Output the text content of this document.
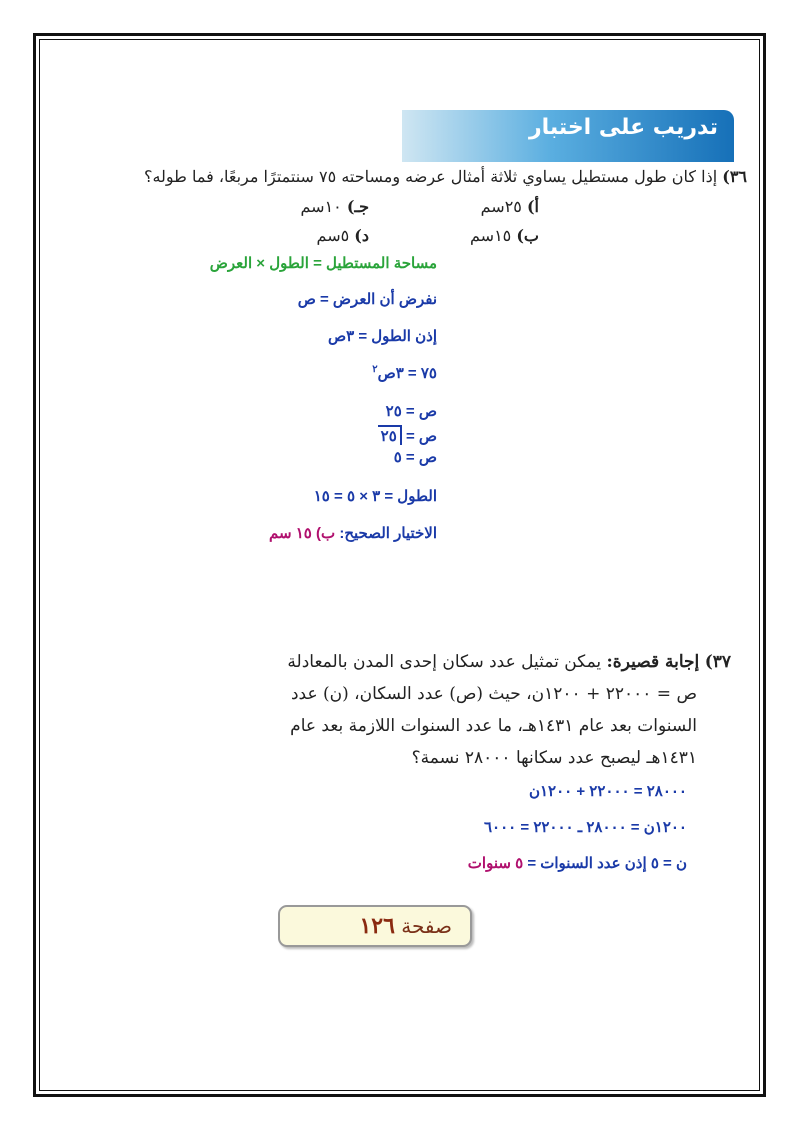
تدريب على اختبار
٣٦) إذا كان طول مستطيل يساوي ثلاثة أمثال عرضه ومساحته ٧٥ سنتمترًا مربعًا، فما طوله؟
أ) ٢٥سم
جـ) ١٠سم
ب) ١٥سم
د) ٥سم
مساحة المستطيل = الطول × العرض
نفرض أن العرض = ص
إذن الطول = ٣ص
٧٥ = ٣ص$^٢$
ص = ٢٥
ص = ٢٥
ص = ٥
الطول = ٣ × ٥ = ١٥
الاختيار الصحيح: ب) ١٥ سم
٣٧) إجابة قصيرة: يمكن تمثيل عدد سكان إحدى المدن بالمعادلة
ص = ٢٢٠٠٠ + ١٢٠٠ن، حيث (ص) عدد السكان، (ن) عدد
السنوات بعد عام ١٤٣١هـ، ما عدد السنوات اللازمة بعد عام
١٤٣١هـ ليصبح عدد سكانها ٢٨٠٠٠ نسمة؟
٢٨٠٠٠ = ٢٢٠٠٠ + ١٢٠٠ن
١٢٠٠ن = ٢٨٠٠٠ ـ ٢٢٠٠٠ = ٦٠٠٠
ن = ٥ إذن عدد السنوات = ٥ سنوات
صفحة ١٢٦
